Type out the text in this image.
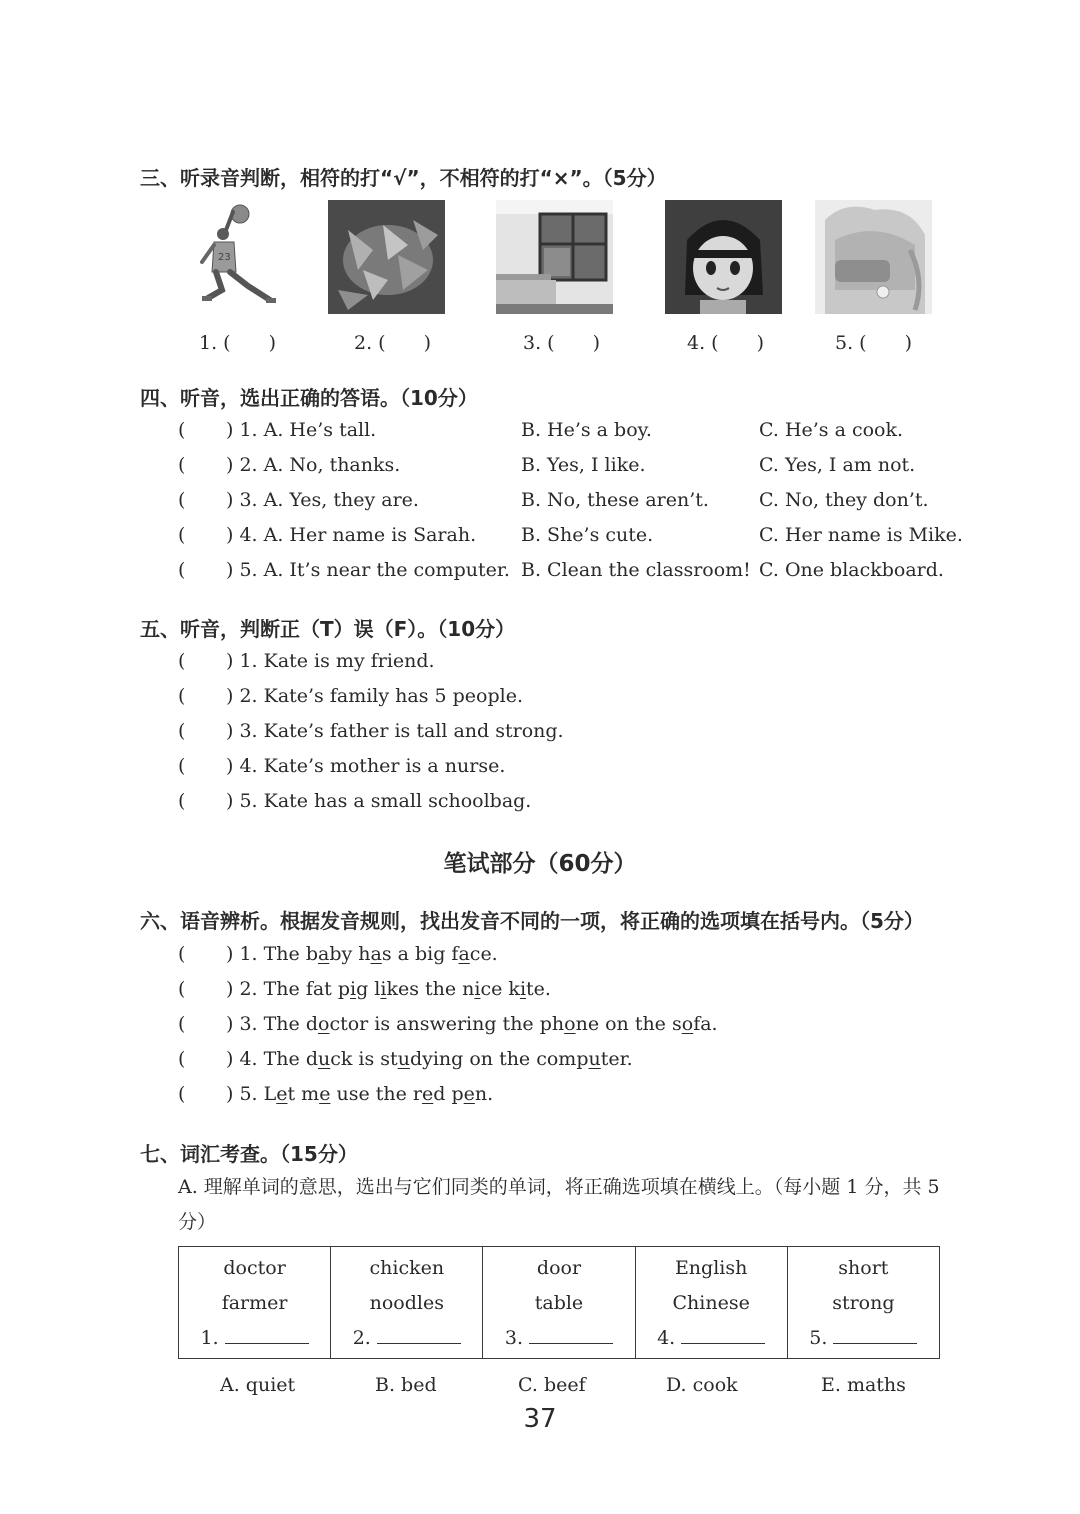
三、听录音判断，相符的打“√”，不相符的打“×”。（5分）
23
1. (　　)	2. (　　)	3. (　　)	4. (　　)	5. (　　)
四、听音，选出正确的答语。（10分）
( ) 1. A. He’s tall.	B. He’s a boy.	C. He’s a cook.
( ) 2. A. No, thanks.	B. Yes, I like.	C. Yes, I am not.
( ) 3. A. Yes, they are.	B. No, these aren’t.	C. No, they don’t.
( ) 4. A. Her name is Sarah. B. She’s cute.	C. Her name is Mike.
( ) 5. A. It’s near the computer. B. Clean the classroom! C. One blackboard.
五、听音，判断正（T）误（F）。（10分）
( ) 1. Kate is my friend.
( ) 2. Kate’s family has 5 people.
( ) 3. Kate’s father is tall and strong.
( ) 4. Kate’s mother is a nurse.
( ) 5. Kate has a small schoolbag.
笔试部分（60分）
六、语音辨析。根据发音规则，找出发音不同的一项，将正确的选项填在括号内。（5分）
( ) 1. The baby has a big face.
( ) 2. The fat pig likes the nice kite.
( ) 3. The doctor is answering the phone on the sofa.
( ) 4. The duck is studying on the computer.
( ) 5. Let me use the red pen.
七、词汇考查。（15分）
A. 理解单词的意思，选出与它们同类的单词，将正确选项填在横线上。（每小题 1 分，共 5 分）
doctor
farmer
1.

chicken
noodles
2.

door
table
3.

English
Chinese
4.

short
strong
5.
A. quiet	B. bed	C. beef	D. cook	E. maths
37
